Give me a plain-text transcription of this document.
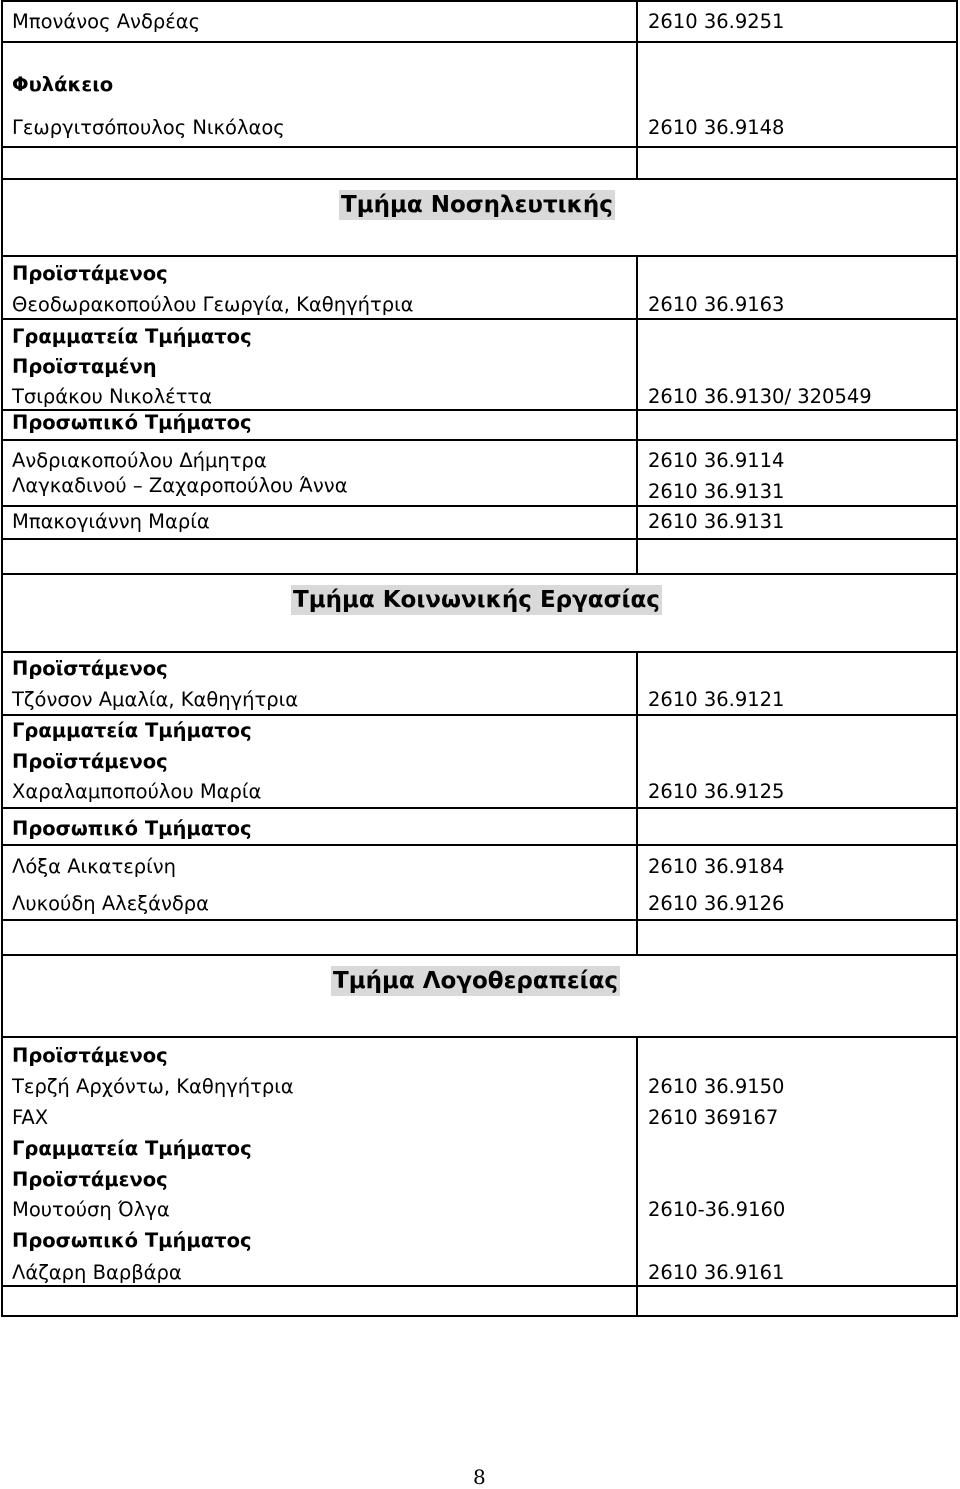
Μπονάνος Ανδρέας	2610 36.9251
Φυλάκειο
Γεωργιτσόπουλος Νικόλαος	2610 36.9148
Τμήμα Νοσηλευτικής
Προϊστάμενος
Θεοδωρακοπούλου Γεωργία, Καθηγήτρια	2610 36.9163
Γραμματεία Τμήματος
Προϊσταμένη
Τσιράκου Νικολέττα	2610 36.9130/ 320549
Προσωπικό Τμήματος
Ανδριακοπούλου Δήμητρα	2610 36.9114
Λαγκαδινού – Ζαχαροπούλου Άννα	2610 36.9131
Μπακογιάννη Μαρία	2610 36.9131
Τμήμα Κοινωνικής Εργασίας
Προϊστάμενος
Τζόνσον Αμαλία, Καθηγήτρια	2610 36.9121
Γραμματεία Τμήματος
Προϊστάμενος
Χαραλαμποπούλου Μαρία	2610 36.9125
Προσωπικό Τμήματος
Λόξα Αικατερίνη	2610 36.9184
Λυκούδη Αλεξάνδρα	2610 36.9126
Τμήμα Λογοθεραπείας
Προϊστάμενος
Τερζή Αρχόντω, Καθηγήτρια	2610 36.9150
FAX	2610 369167
Γραμματεία Τμήματος
Προϊστάμενος
Μουτούση Όλγα	2610-36.9160
Προσωπικό Τμήματος
Λάζαρη Βαρβάρα	2610 36.9161
8
